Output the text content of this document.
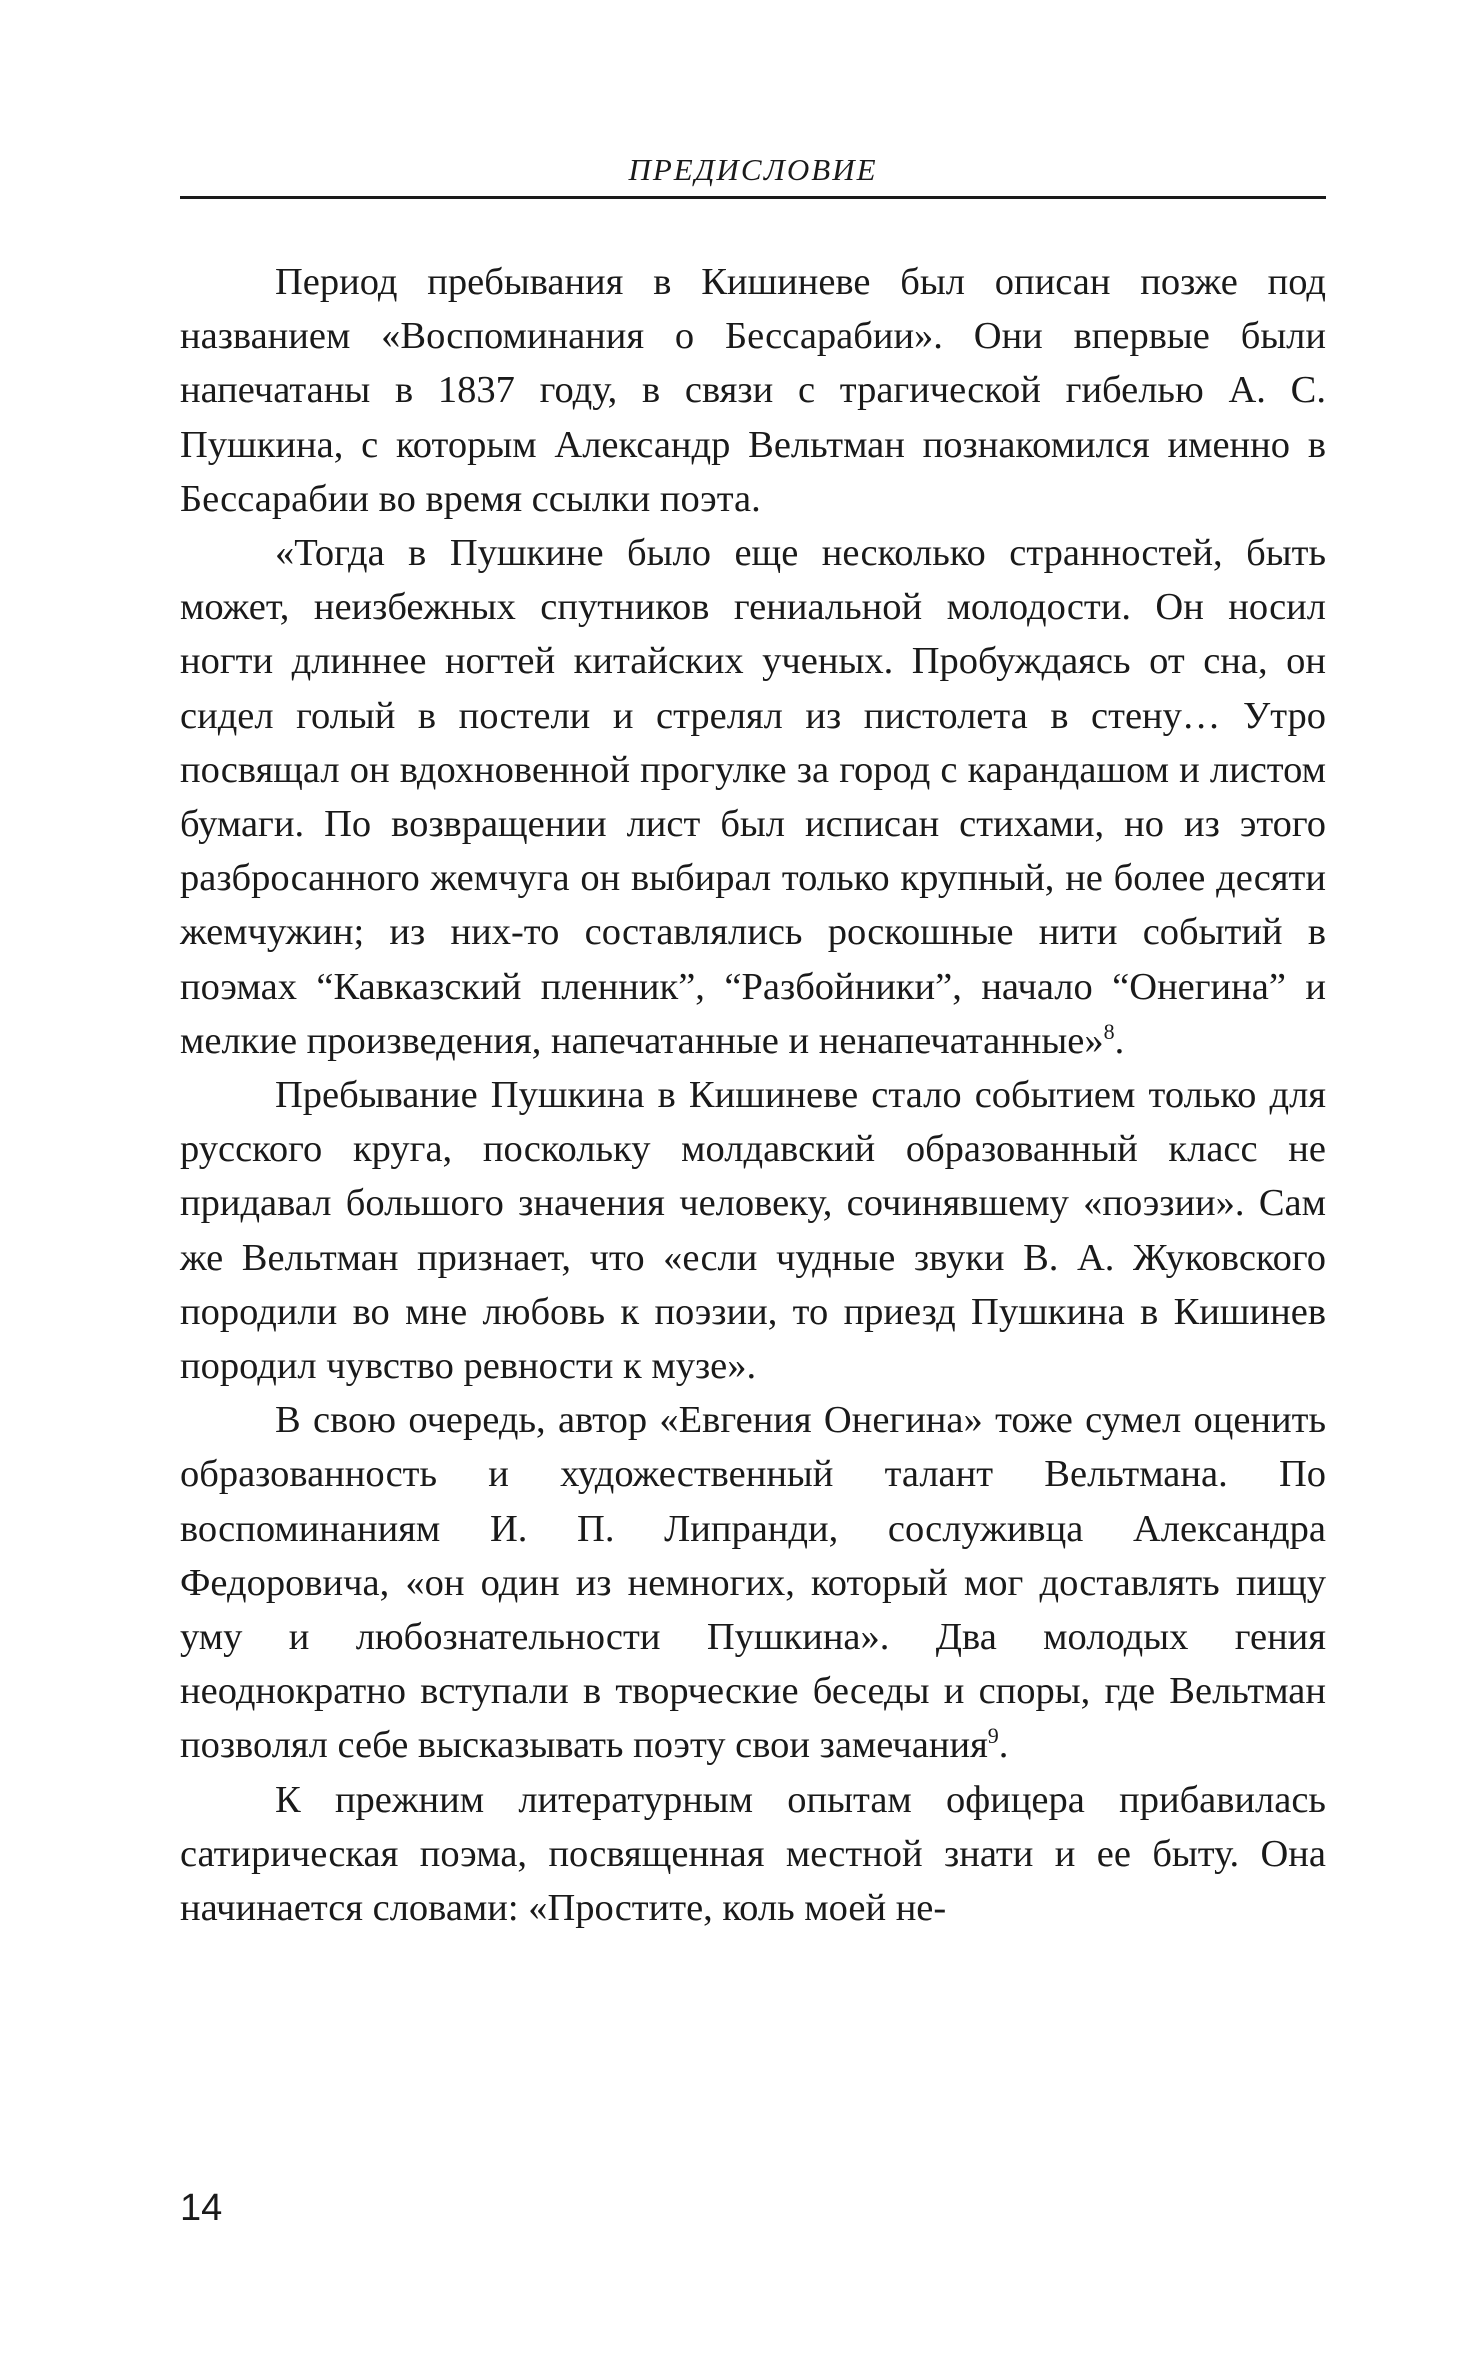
ПРЕДИСЛОВИЕ

Период пребывания в Кишиневе был описан позже под названием «Воспоминания о Бессарабии». Они впервые были напечатаны в 1837 году, в связи с трагической гибелью А. С. Пушкина, с которым Александр Вельтман познакомился именно в Бессарабии во время ссылки поэта.

«Тогда в Пушкине было еще несколько странностей, быть может, неизбежных спутников гениальной молодости. Он носил ногти длиннее ногтей китайских ученых. Пробуждаясь от сна, он сидел голый в постели и стрелял из пистолета в стену… Утро посвящал он вдохновенной прогулке за город с карандашом и листом бумаги. По возвращении лист был исписан стихами, но из этого разбросанного жемчуга он выбирал только крупный, не более десяти жемчужин; из них-то составлялись роскошные нити событий в поэмах “Кавказский пленник”, “Разбойники”, начало “Онегина” и мелкие произведения, напечатанные и ненапечатанные»$^8$.

Пребывание Пушкина в Кишиневе стало событием только для русского круга, поскольку молдавский образованный класс не придавал большого значения человеку, сочинявшему «поэзии». Сам же Вельтман признает, что «если чудные звуки В. А. Жуковского породили во мне любовь к поэзии, то приезд Пушкина в Кишинев породил чувство ревности к музе».

В свою очередь, автор «Евгения Онегина» тоже сумел оценить образованность и художественный талант Вельтмана. По воспоминаниям И. П. Липранди, сослуживца Александра Федоровича, «он один из немногих, который мог доставлять пищу уму и любознательности Пушкина». Два молодых гения неоднократно вступали в творческие беседы и споры, где Вельтман позволял себе высказывать поэту свои замечания$^9$.

К прежним литературным опытам офицера прибавилась сатирическая поэма, посвященная местной знати и ее быту. Она начинается словами: «Простите, коль моей не-

14
